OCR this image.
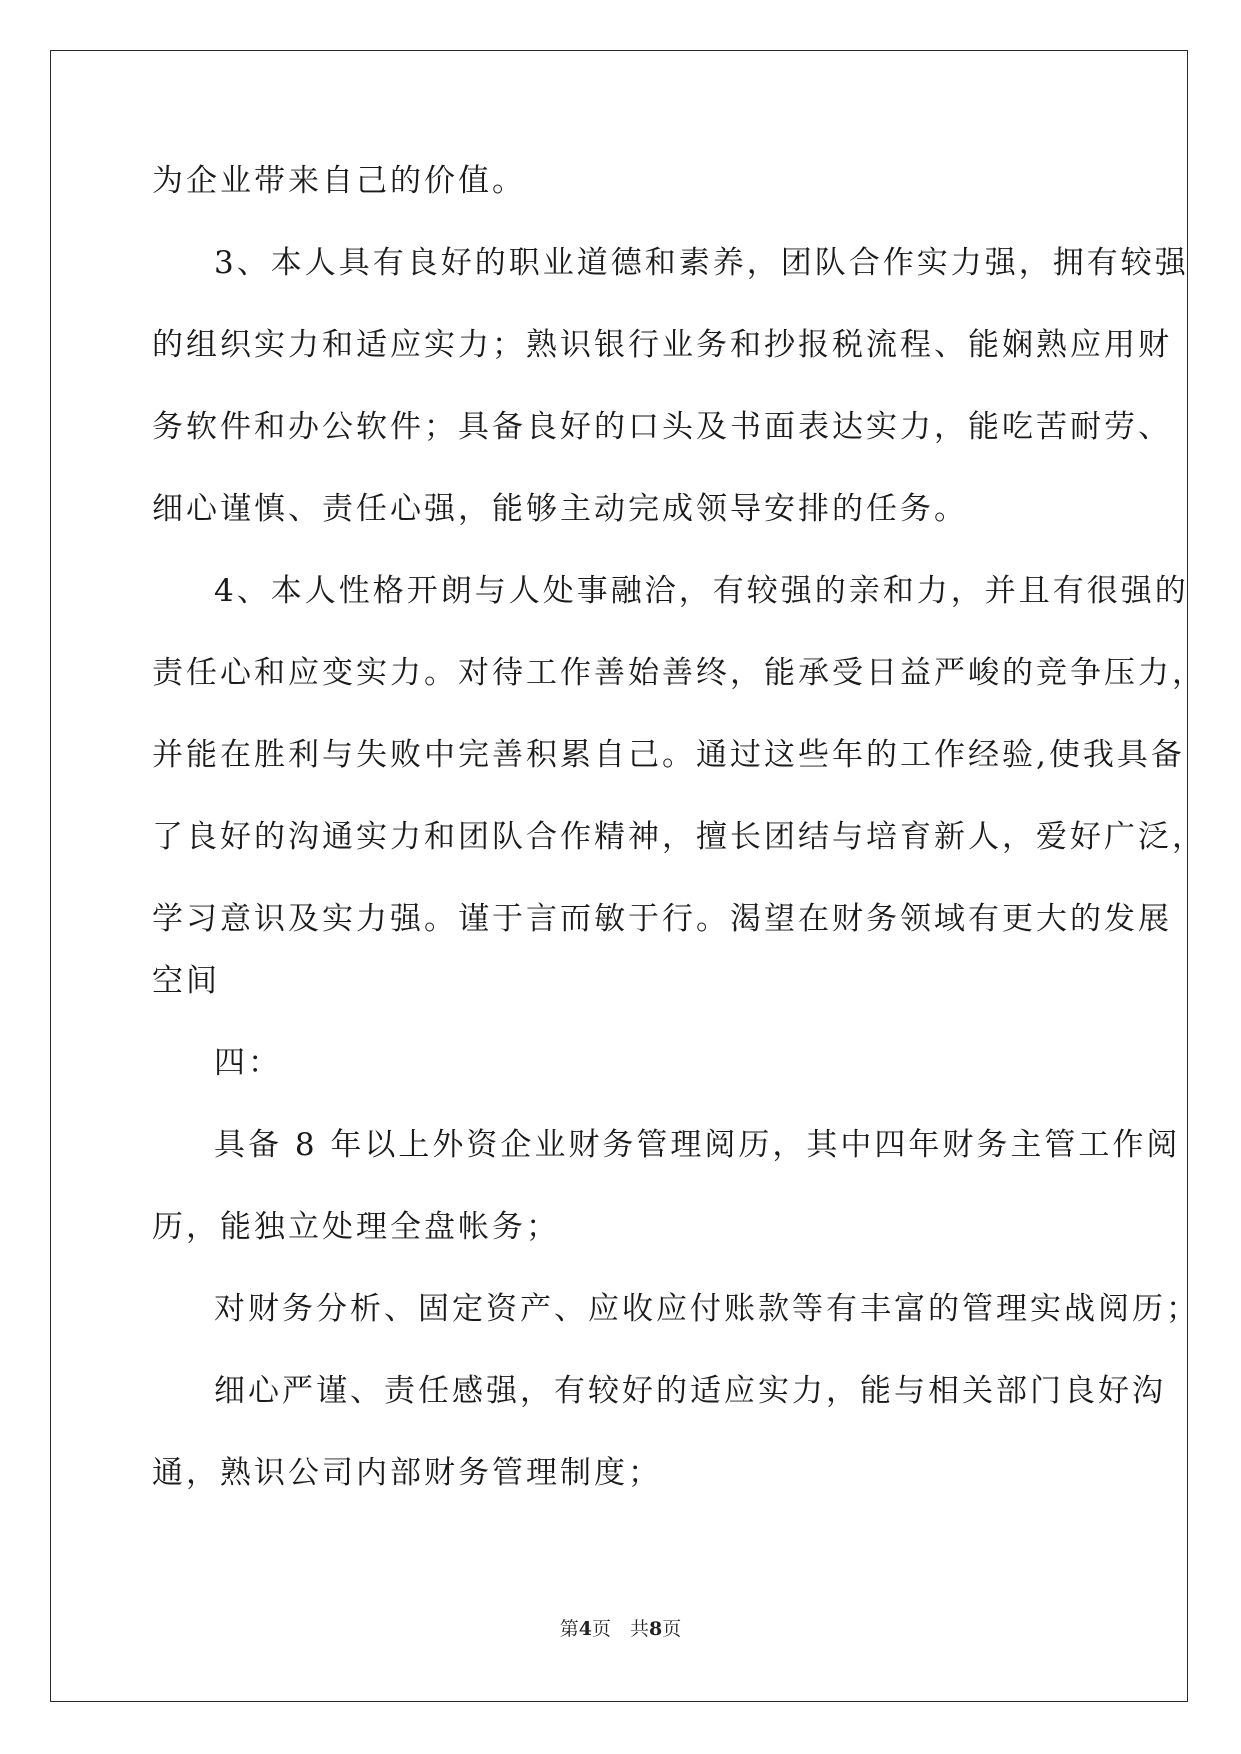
为企业带来自己的价值。

3、本人具有良好的职业道德和素养，团队合作实力强，拥有较强

的组织实力和适应实力；熟识银行业务和抄报税流程、能娴熟应用财

务软件和办公软件；具备良好的口头及书面表达实力，能吃苦耐劳、

细心谨慎、责任心强，能够主动完成领导安排的任务。

4、本人性格开朗与人处事融洽，有较强的亲和力，并且有很强的

责任心和应变实力。对待工作善始善终，能承受日益严峻的竞争压力，

并能在胜利与失败中完善积累自己。通过这些年的工作经验,使我具备

了良好的沟通实力和团队合作精神，擅长团结与培育新人，爱好广泛，

学习意识及实力强。谨于言而敏于行。渴望在财务领域有更大的发展

空间

四：

具备 8 年以上外资企业财务管理阅历，其中四年财务主管工作阅

历，能独立处理全盘帐务；

对财务分析、固定资产、应收应付账款等有丰富的管理实战阅历；

细心严谨、责任感强，有较好的适应实力，能与相关部门良好沟

通，熟识公司内部财务管理制度；

第4页　共8页
